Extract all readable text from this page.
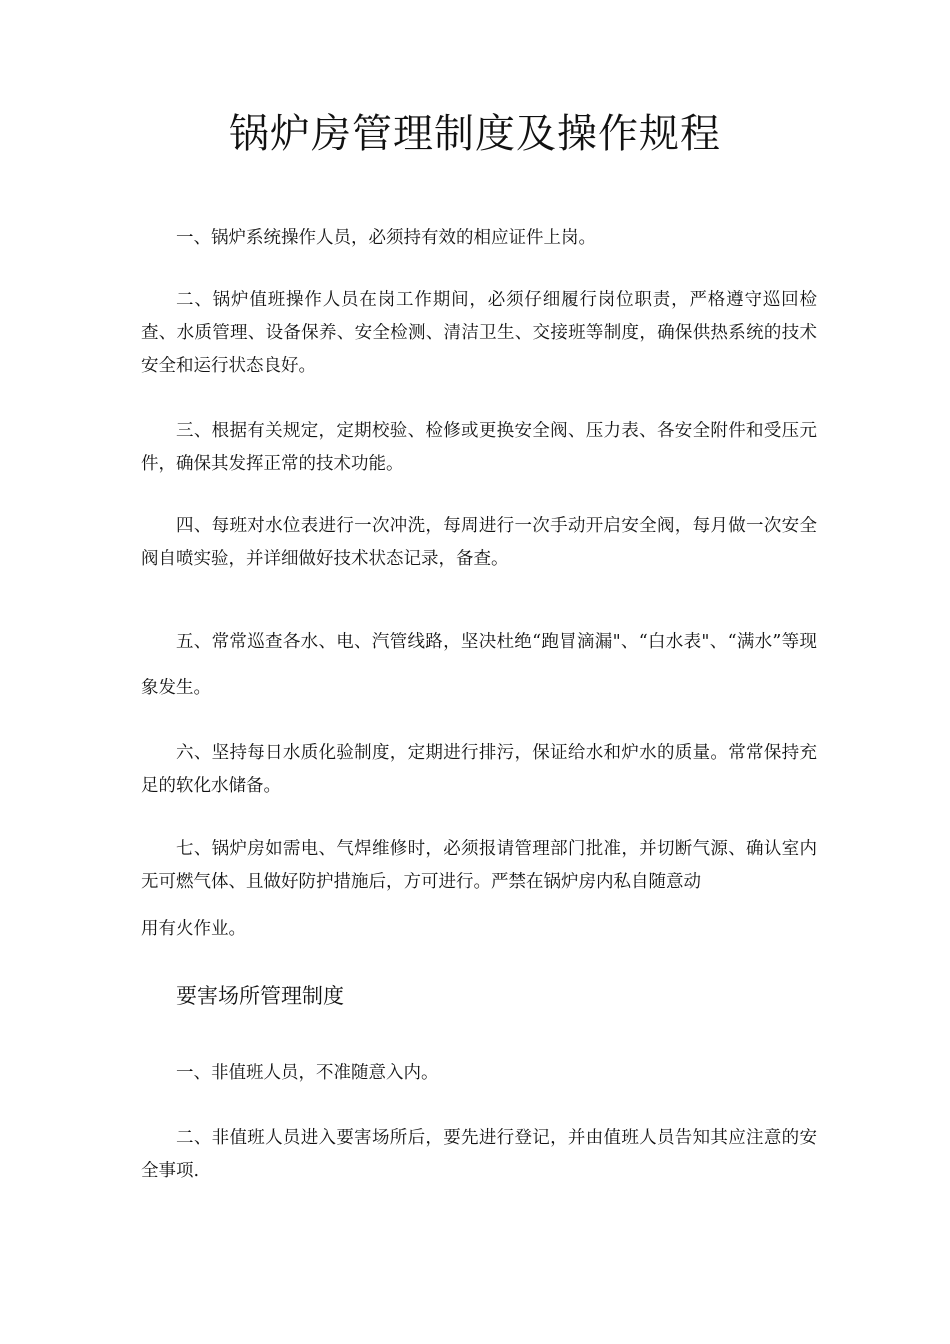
锅炉房管理制度及操作规程

一、锅炉系统操作人员，必须持有效的相应证件上岗。

二、锅炉值班操作人员在岗工作期间，必须仔细履行岗位职责，严格遵守巡回检查、水质管理、设备保养、安全检测、清洁卫生、交接班等制度，确保供热系统的技术安全和运行状态良好。

三、根据有关规定，定期校验、检修或更换安全阀、压力表、各安全附件和受压元件，确保其发挥正常的技术功能。

四、每班对水位表进行一次冲洗，每周进行一次手动开启安全阀，每月做一次安全阀自喷实验，并详细做好技术状态记录，备查。

五、常常巡查各水、电、汽管线路，坚决杜绝“跑冒滴漏"、“白水表"、“满水”等现象发生。

六、坚持每日水质化验制度，定期进行排污，保证给水和炉水的质量。常常保持充足的软化水储备。

七、锅炉房如需电、气焊维修时，必须报请管理部门批准，并切断气源、确认室内无可燃气体、且做好防护措施后，方可进行。严禁在锅炉房内私自随意动

用有火作业。

要害场所管理制度

一、非值班人员，不准随意入内。

二、非值班人员进入要害场所后，要先进行登记，并由值班人员告知其应注意的安全事项.
